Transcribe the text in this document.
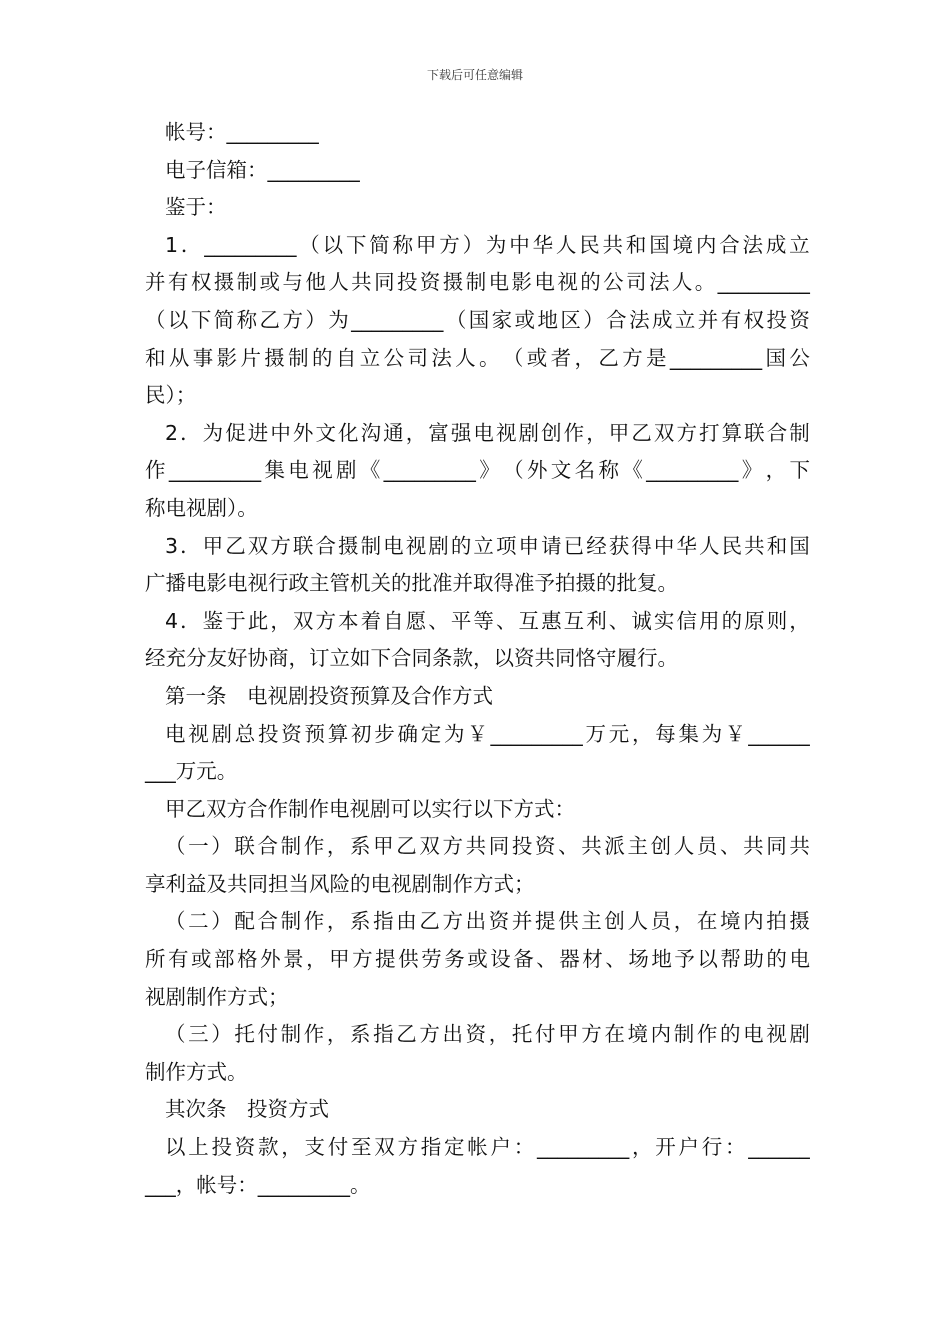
下载后可任意编辑
帐号：_________
电子信箱：_________
鉴于：
1 ． _________ （ 以 下 简 称 甲 方 ） 为 中 华 人 民 共 和 国 境 内 合 法 成 立
并 有 权 摄 制 或 与 他 人 共 同 投 资 摄 制 电 影 电 视 的 公 司 法 人 。 _________
（ 以 下 简 称 乙 方 ） 为 _________ （ 国 家 或 地 区 ） 合 法 成 立 并 有 权 投 资
和 从 事 影 片 摄 制 的 自 立 公 司 法 人 。 （ 或 者 ， 乙 方 是 _________ 国 公
民）；
2 ． 为 促 进 中 外 文 化 沟 通 ， 富 强 电 视 剧 创 作 ， 甲 乙 双 方 打 算 联 合 制
作 _________ 集 电 视 剧 《 _________ 》 （ 外 文 名 称 《 _________ 》 ， 下
称电视剧）。
3 ． 甲 乙 双 方 联 合 摄 制 电 视 剧 的 立 项 申 请 已 经 获 得 中 华 人 民 共 和 国
广播电影电视行政主管机关的批准并取得准予拍摄的批复。
4 ． 鉴 于 此 ， 双 方 本 着 自 愿 、 平 等 、 互 惠 互 利 、 诚 实 信 用 的 原 则 ，
经充分友好协商，订立如下合同条款，以资共同恪守履行。
第一条　电视剧投资预算及合作方式
电 视 剧 总 投 资 预 算 初 步 确 定 为 ￥ _________ 万 元 ， 每 集 为 ￥ ______
___万元。
甲乙双方合作制作电视剧可以实行以下方式：
（ 一 ） 联 合 制 作 ， 系 甲 乙 双 方 共 同 投 资 、 共 派 主 创 人 员 、 共 同 共
享利益及共同担当风险的电视剧制作方式；
（ 二 ） 配 合 制 作 ， 系 指 由 乙 方 出 资 并 提 供 主 创 人 员 ， 在 境 内 拍 摄
所 有 或 部 格 外 景 ， 甲 方 提 供 劳 务 或 设 备 、 器 材 、 场 地 予 以 帮 助 的 电
视剧制作方式；
（ 三 ） 托 付 制 作 ， 系 指 乙 方 出 资 ， 托 付 甲 方 在 境 内 制 作 的 电 视 剧
制作方式。
其次条　投资方式
以 上 投 资 款 ， 支 付 至 双 方 指 定 帐 户 ： _________ ， 开 户 行 ： ______
___，帐号：_________。
